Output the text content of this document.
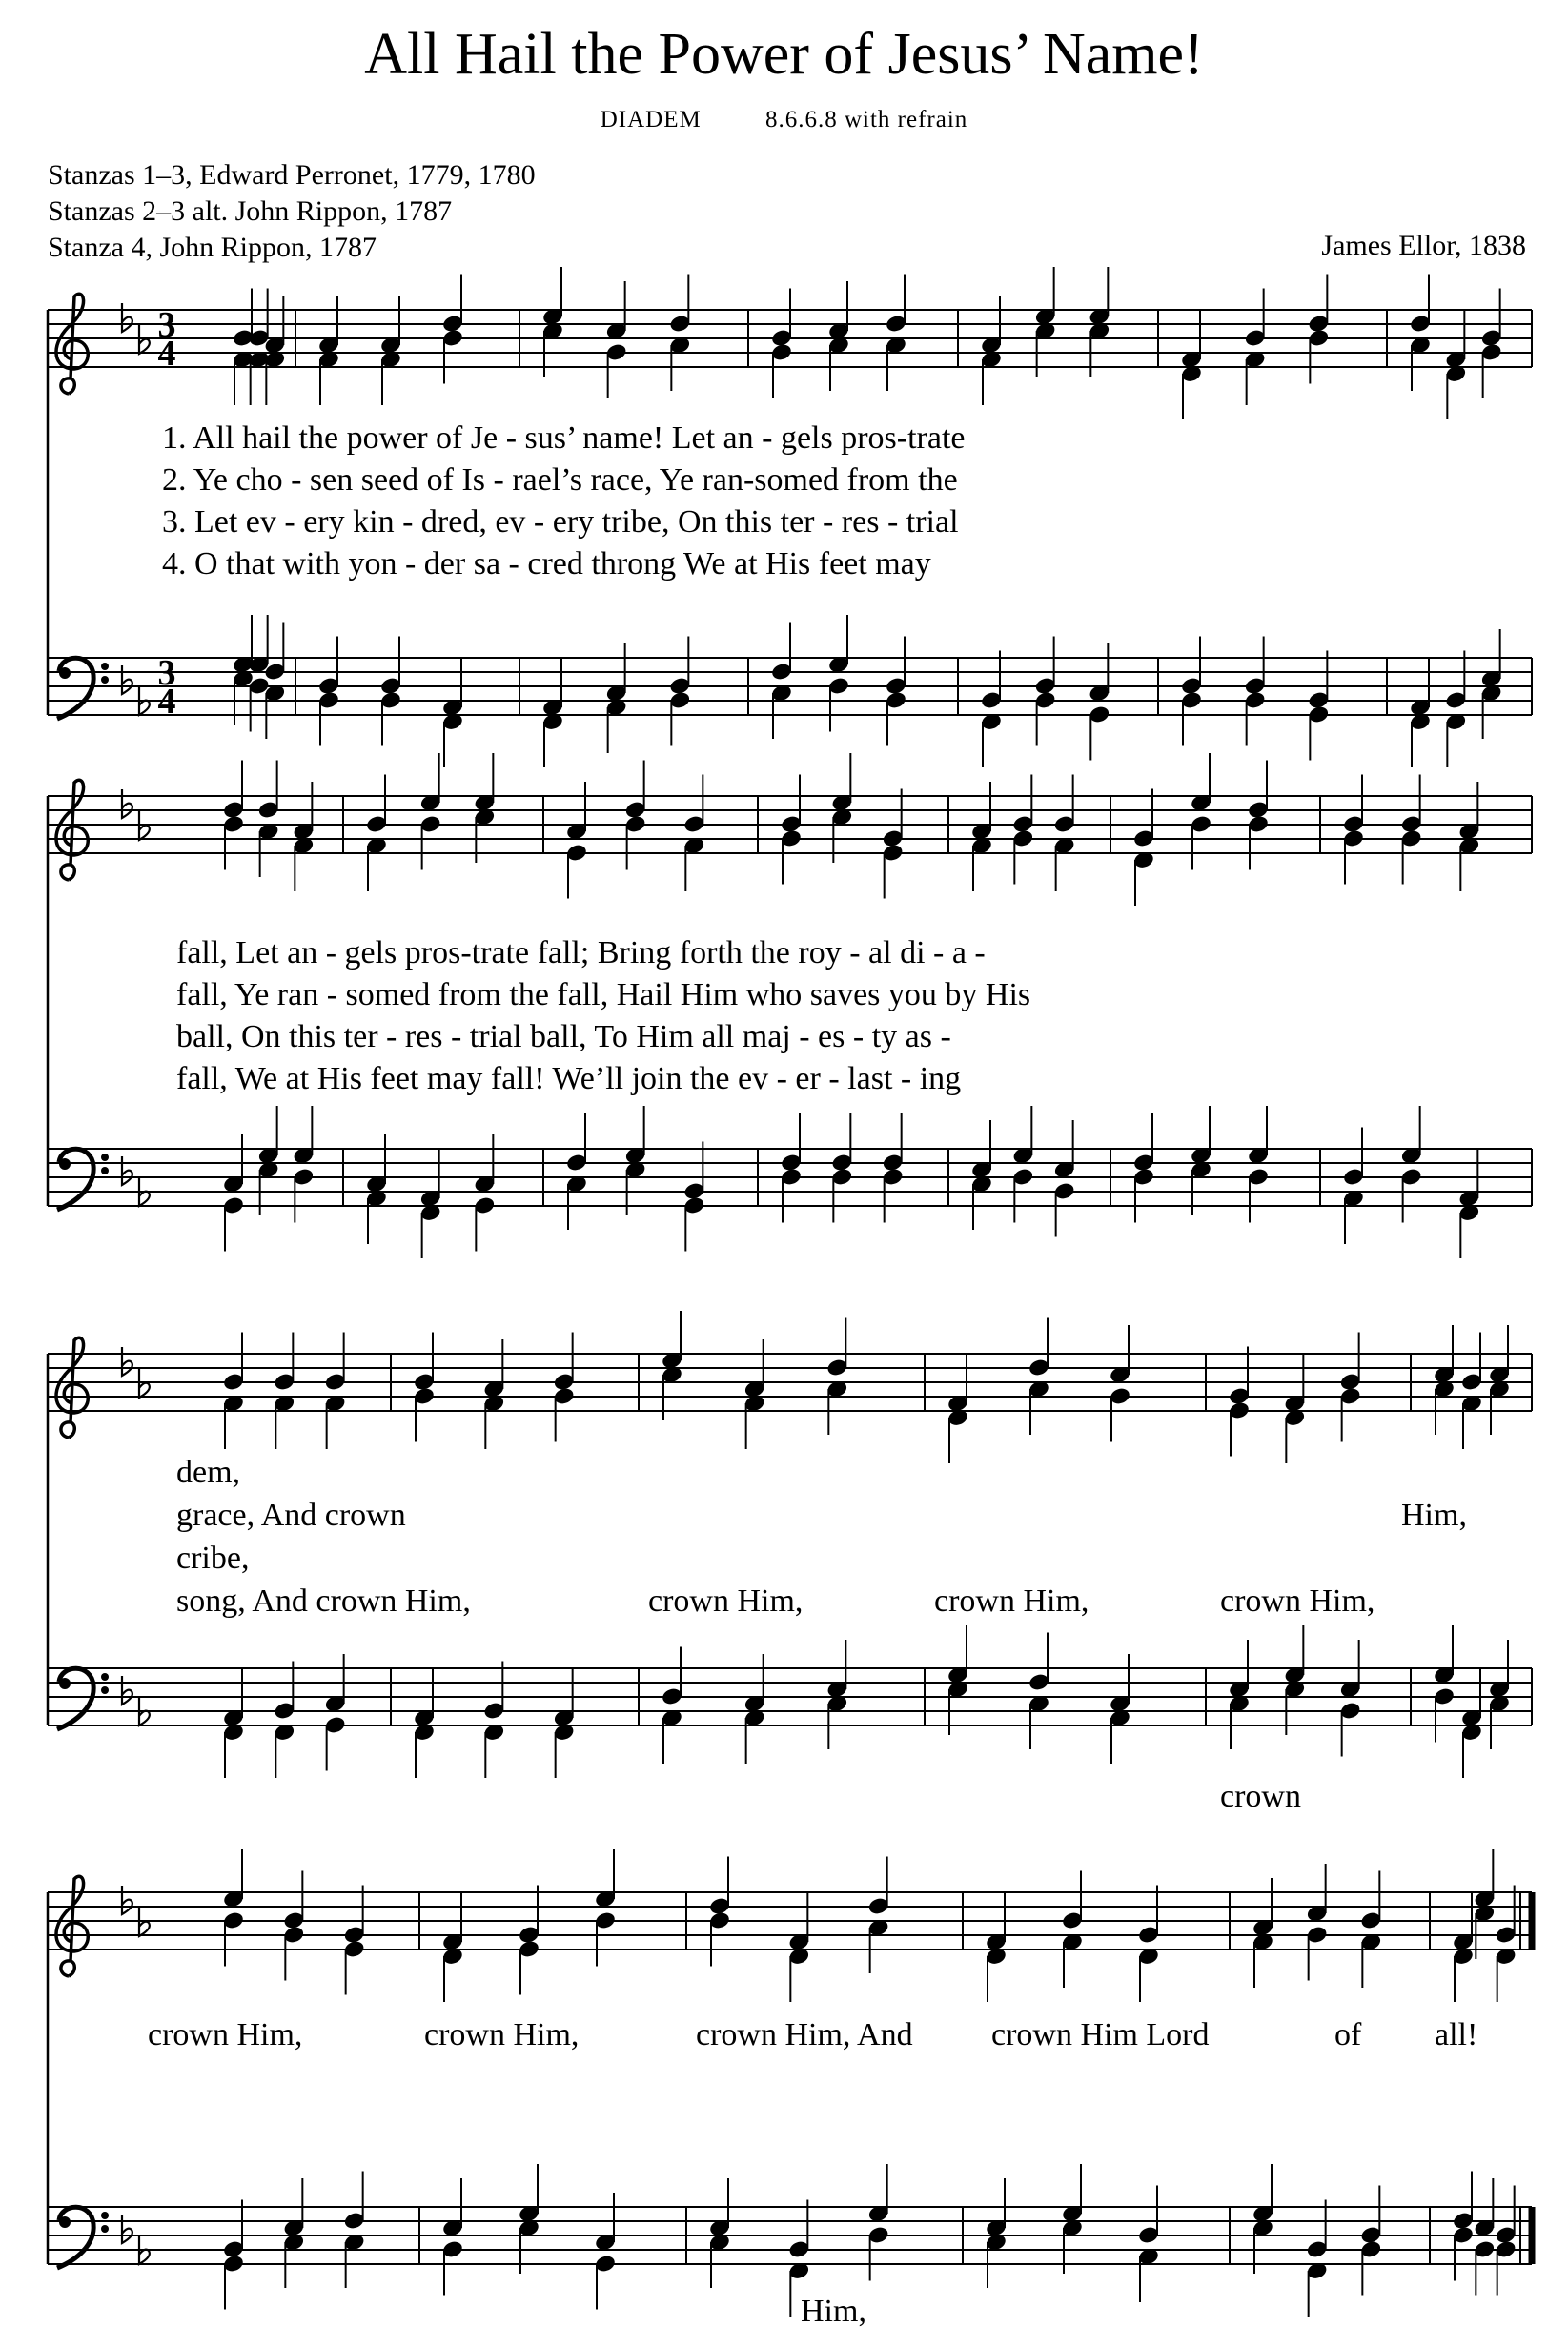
All Hail the Power of Jesus’ Name!
DIADEM	8.6.6.8 with refrain
Stanzas 1–3, Edward Perronet, 1779, 1780
Stanzas 2–3 alt. John Rippon, 1787
Stanza 4, John Rippon, 1787	James Ellor, 1838
3
4
3
4
1. All hail the power of Je - sus’ name! Let an - gels pros-trate
2. Ye cho - sen seed of Is - rael’s race, Ye ran-somed from the
3. Let ev - ery kin - dred, ev - ery tribe, On this ter - res - trial
4. O that with yon - der sa - cred throng We at His feet may
fall, Let an - gels pros-trate fall; Bring forth the roy - al di - a -
fall, Ye ran - somed from the fall, Hail Him who saves you by His
ball, On this ter - res - trial ball, To Him all maj - es - ty as -
fall, We at His feet may fall! We’ll join the ev - er - last - ing
dem,
grace, And crown
cribe,
song, And crown Him,	crown Him,	crown Him,	crown Him,
Him,
crown
crown Him,	crown Him,	crown Him, And crown Him Lord	of all!
Him,
